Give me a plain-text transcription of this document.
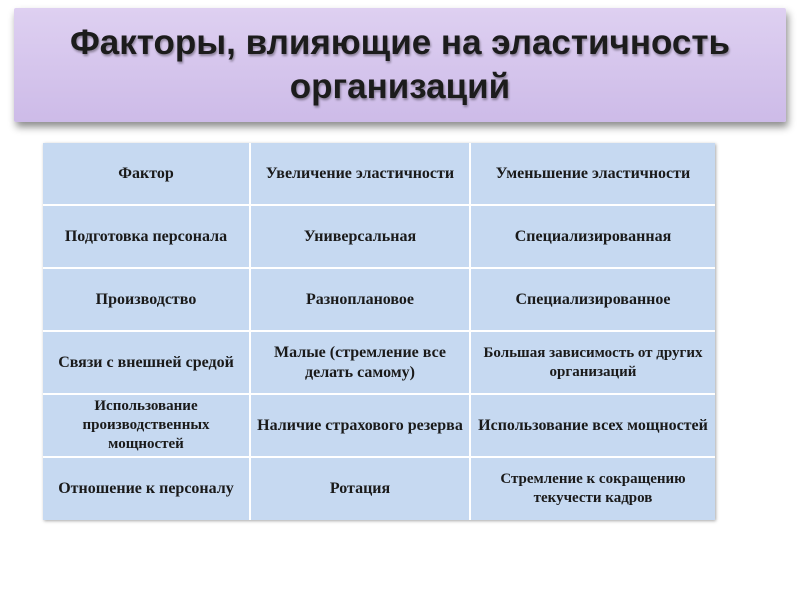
Факторы, влияющие на эластичность организаций
Фактор	Увеличение эластичности	Уменьшение эластичности

Подготовка персонала	Универсальная	Специализированная

Производство	Разноплановое	Специализированное

Связи с внешней средой	Малые (стремление все делать самому)	Большая зависимость от других организаций

Использование производственных мощностей	Наличие страхового резерва	Использование всех мощностей

Отношение к персоналу	Ротация	Стремление к сокращению текучести кадров
